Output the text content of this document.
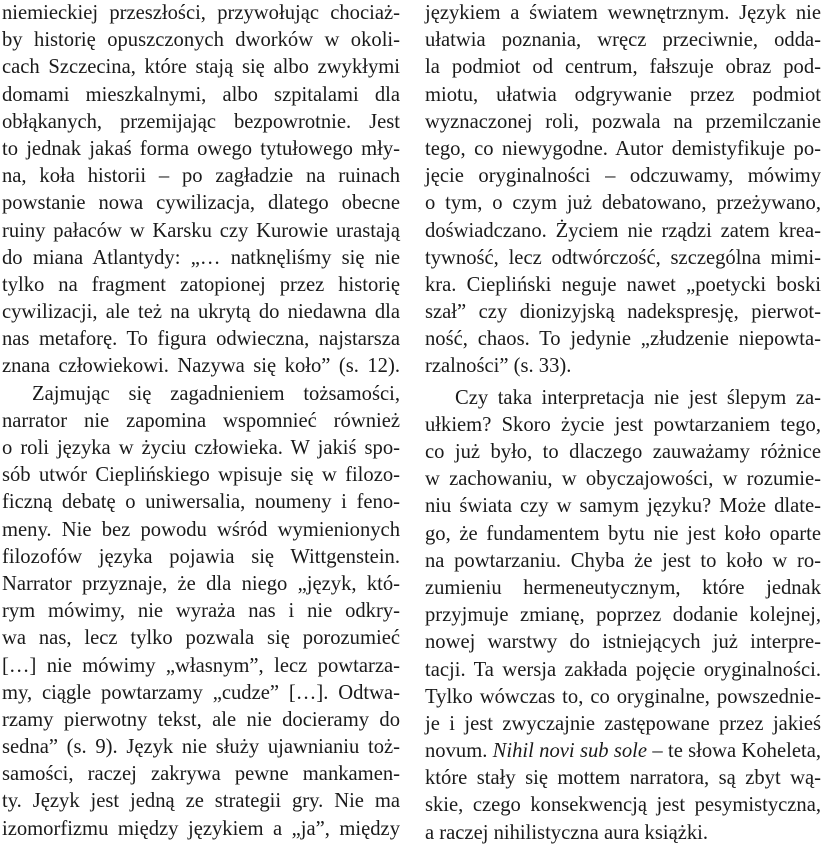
niemieckiej przeszłości, przywołując chociaż-
by historię opuszczonych dworków w okoli-
cach Szczecina, które stają się albo zwykłymi
domami mieszkalnymi, albo szpitalami dla
obłąkanych, przemijając bezpowrotnie. Jest
to jednak jakaś forma owego tytułowego mły-
na, koła historii – po zagładzie na ruinach
powstanie nowa cywilizacja, dlatego obecne
ruiny pałaców w Karsku czy Kurowie urastają
do miana Atlantydy: „… natknęliśmy się nie
tylko na fragment zatopionej przez historię
cywilizacji, ale też na ukrytą do niedawna dla
nas metaforę. To figura odwieczna, najstarsza
znana człowiekowi. Nazywa się koło” (s. 12).
Zajmując się zagadnieniem tożsamości,
narrator nie zapomina wspomnieć również
o roli języka w życiu człowieka. W jakiś spo-
sób utwór Cieplińskiego wpisuje się w filozo-
ficzną debatę o uniwersalia, noumeny i feno-
meny. Nie bez powodu wśród wymienionych
filozofów języka pojawia się Wittgenstein.
Narrator przyznaje, że dla niego „język, któ-
rym mówimy, nie wyraża nas i nie odkry-
wa nas, lecz tylko pozwala się porozumieć
[…] nie mówimy „własnym”, lecz powtarza-
my, ciągle powtarzamy „cudze” […]. Odtwa-
rzamy pierwotny tekst, ale nie docieramy do
sedna” (s. 9). Język nie służy ujawnianiu toż-
samości, raczej zakrywa pewne mankamen-
ty. Język jest jedną ze strategii gry. Nie ma
izomorfizmu między językiem a „ja”, między
językiem a światem wewnętrznym. Język nie
ułatwia poznania, wręcz przeciwnie, odda-
la podmiot od centrum, fałszuje obraz pod-
miotu, ułatwia odgrywanie przez podmiot
wyznaczonej roli, pozwala na przemilczanie
tego, co niewygodne. Autor demistyfikuje po-
jęcie oryginalności – odczuwamy, mówimy
o tym, o czym już debatowano, przeżywano,
doświadczano. Życiem nie rządzi zatem krea-
tywność, lecz odtwórczość, szczególna mimi-
kra. Ciepliński neguje nawet „poetycki boski
szał” czy dionizyjską nadekspresję, pierwot-
ność, chaos. To jedynie „złudzenie niepowta-
rzalności” (s. 33).
Czy taka interpretacja nie jest ślepym za-
ułkiem? Skoro życie jest powtarzaniem tego,
co już było, to dlaczego zauważamy różnice
w zachowaniu, w obyczajowości, w rozumie-
niu świata czy w samym języku? Może dlate-
go, że fundamentem bytu nie jest koło oparte
na powtarzaniu. Chyba że jest to koło w ro-
zumieniu hermeneutycznym, które jednak
przyjmuje zmianę, poprzez dodanie kolejnej,
nowej warstwy do istniejących już interpre-
tacji. Ta wersja zakłada pojęcie oryginalności.
Tylko wówczas to, co oryginalne, powszednie-
je i jest zwyczajnie zastępowane przez jakieś
novum. Nihil novi sub sole – te słowa Koheleta,
które stały się mottem narratora, są zbyt wą-
skie, czego konsekwencją jest pesymistyczna,
a raczej nihilistyczna aura książki.
